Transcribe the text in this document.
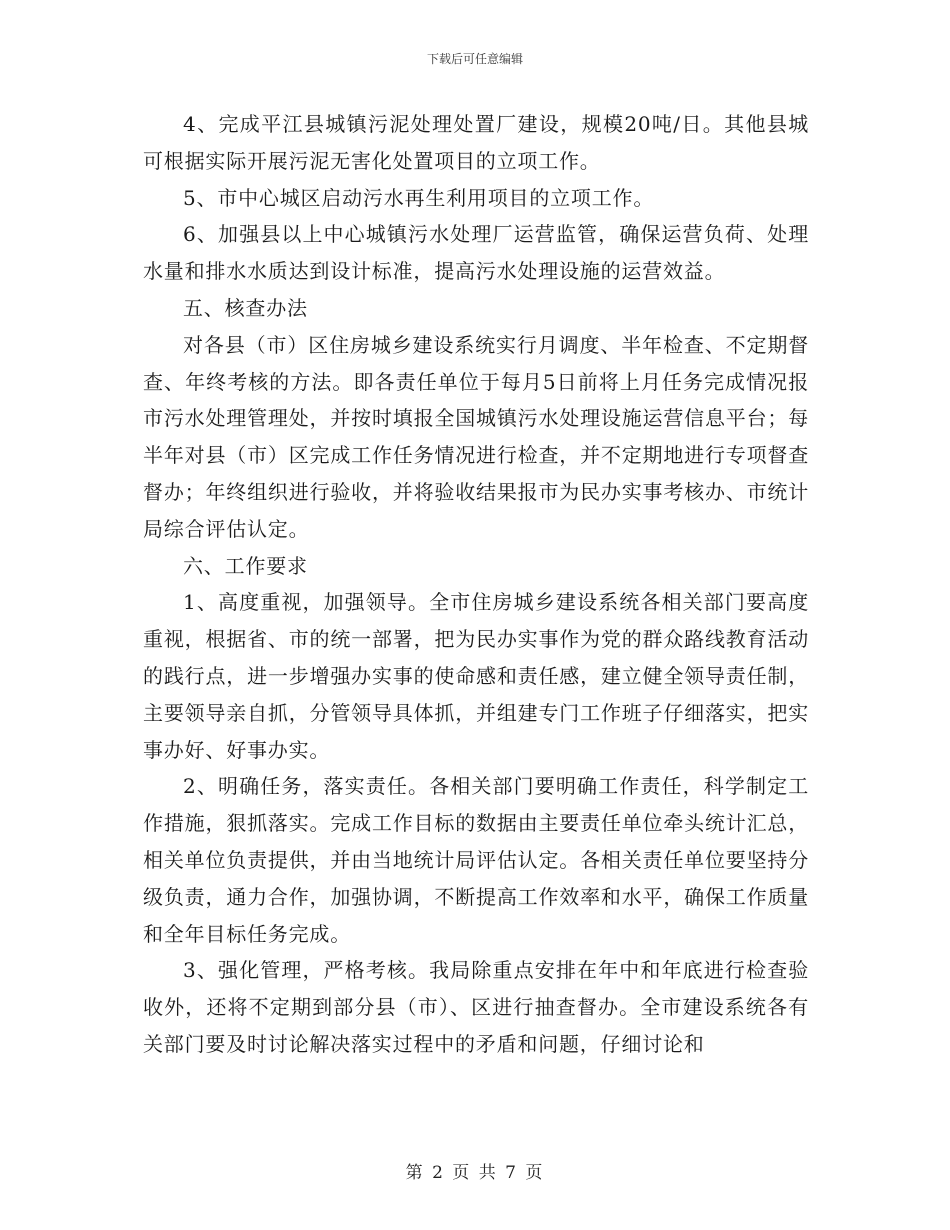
下载后可任意编辑

4、完成平江县城镇污泥处理处置厂建设，规模20吨/日。其他县城可根据实际开展污泥无害化处置项目的立项工作。

5、市中心城区启动污水再生利用项目的立项工作。

6、加强县以上中心城镇污水处理厂运营监管，确保运营负荷、处理水量和排水水质达到设计标准，提高污水处理设施的运营效益。

五、核查办法

对各县（市）区住房城乡建设系统实行月调度、半年检查、不定期督查、年终考核的方法。即各责任单位于每月5日前将上月任务完成情况报市污水处理管理处，并按时填报全国城镇污水处理设施运营信息平台；每半年对县（市）区完成工作任务情况进行检查，并不定期地进行专项督查督办；年终组织进行验收，并将验收结果报市为民办实事考核办、市统计局综合评估认定。

六、工作要求

1、高度重视，加强领导。全市住房城乡建设系统各相关部门要高度重视，根据省、市的统一部署，把为民办实事作为党的群众路线教育活动的践行点，进一步增强办实事的使命感和责任感，建立健全领导责任制，主要领导亲自抓，分管领导具体抓，并组建专门工作班子仔细落实，把实事办好、好事办实。

2、明确任务，落实责任。各相关部门要明确工作责任，科学制定工作措施，狠抓落实。完成工作目标的数据由主要责任单位牵头统计汇总，相关单位负责提供，并由当地统计局评估认定。各相关责任单位要坚持分级负责，通力合作，加强协调，不断提高工作效率和水平，确保工作质量和全年目标任务完成。

3、强化管理，严格考核。我局除重点安排在年中和年底进行检查验收外，还将不定期到部分县（市）、区进行抽查督办。全市建设系统各有关部门要及时讨论解决落实过程中的矛盾和问题，仔细讨论和

第 2 页 共 7 页
